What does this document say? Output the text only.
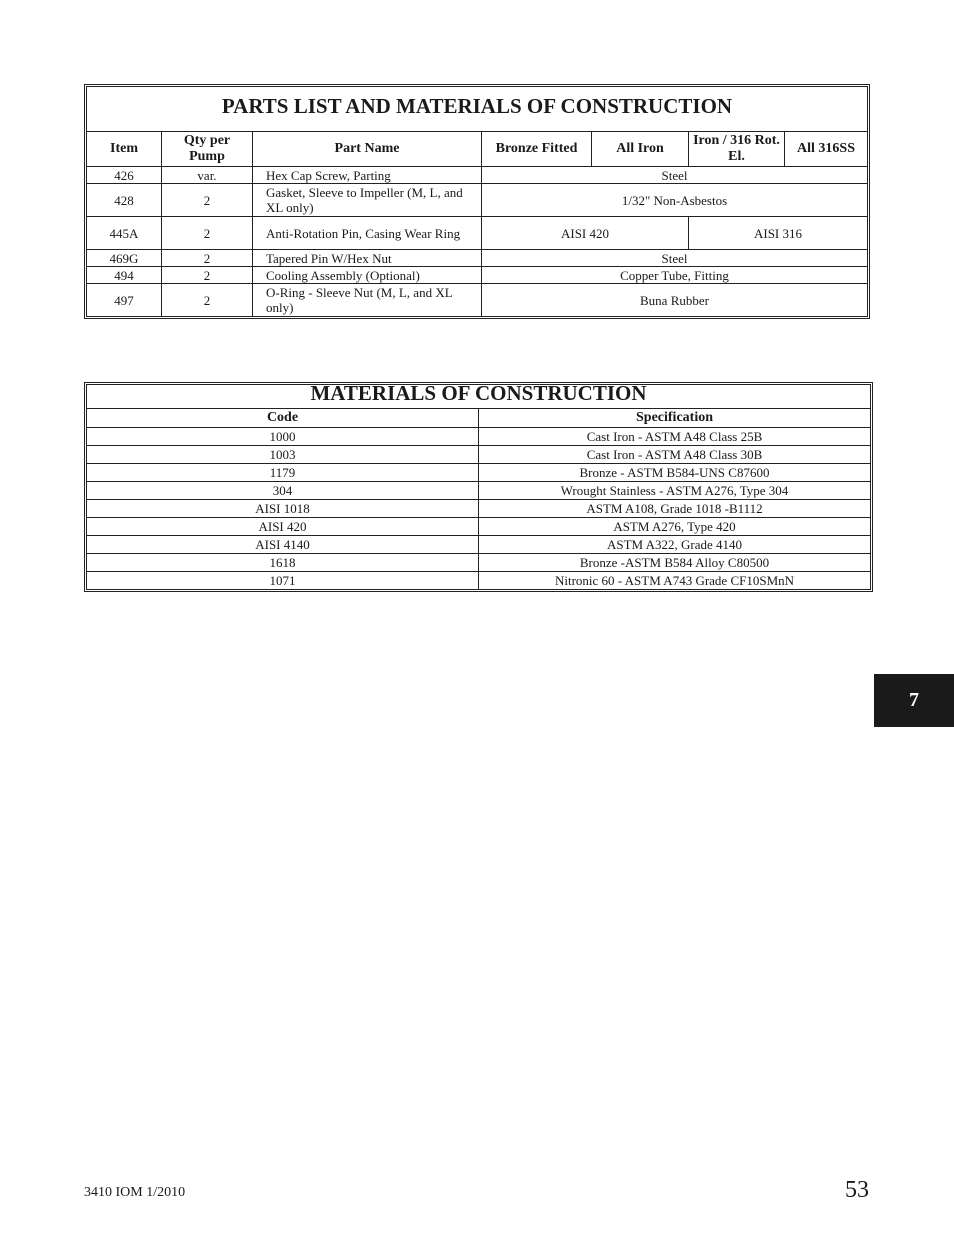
PARTS LIST AND MATERIALS OF CONSTRUCTION						
Item	Qty per Pump	Part Name	Bronze Fitted	All Iron	Iron / 316 Rot. El.	All 316SS
426	var.	Hex Cap Screw, Parting	Steel			
428	2	Gasket, Sleeve to Impeller (M, L, and XL only)	1/32" Non-Asbestos			
445A	2	Anti-Rotation Pin, Casing Wear Ring	AISI 420		AISI 316	
469G	2	Tapered Pin W/Hex Nut	Steel			
494	2	Cooling Assembly (Optional)	Copper Tube, Fitting			
497	2	O-Ring - Sleeve Nut (M, L, and XL only)	Buna Rubber			
MATERIALS OF CONSTRUCTION	
Code	Specification
1000	Cast Iron - ASTM A48 Class 25B
1003	Cast Iron - ASTM A48 Class 30B
1179	Bronze - ASTM B584-UNS C87600
304	Wrought Stainless - ASTM A276, Type 304
AISI 1018	ASTM A108, Grade 1018 -B1112
AISI 420	ASTM A276, Type 420
AISI 4140	ASTM A322, Grade 4140
1618	Bronze -ASTM B584 Alloy C80500
1071	Nitronic 60 - ASTM A743 Grade CF10SMnN
7
3410 IOM 1/2010	53
